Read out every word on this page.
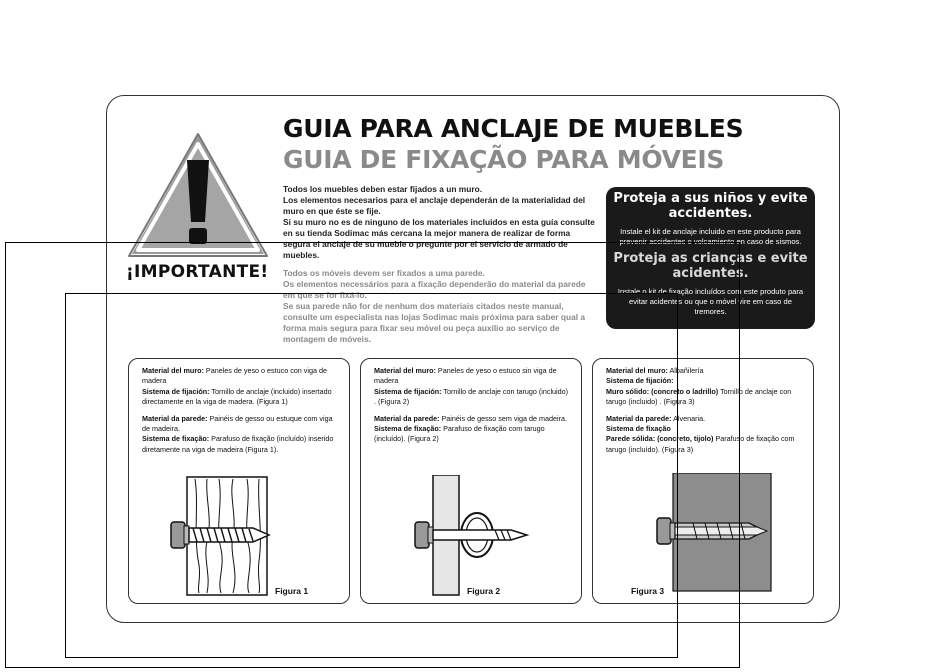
¡IMPORTANTE!
GUIA PARA ANCLAJE DE MUEBLES
GUIA DE FIXAÇÃO PARA MÓVEIS

Todos los muebles deben estar fijados a un muro.

Los elementos necesarios para el anclaje dependerán de la materialidad del muro en que éste se fije.

Si su muro no es de ninguno de los materiales incluidos en esta guía consulte en su tienda Sodimac más cercana la mejor manera de realizar de forma segura el anclaje de su mueble o pregunte por el servicio de armado de muebles.

Todos os móveis devem ser fixados a uma parede.

Os elementos necessários para a fixação dependerão do material da parede em que se for fixá-lo.

Se sua parede não for de nenhum dos materiais citados neste manual, consulte um especialista nas lojas Sodimac mais próxima para saber qual a forma mais segura para fixar seu móvel ou peça auxílio ao serviço de montagem de móveis.

Proteja a sus niños y evite accidentes.

Instale el kit de anclaje incluido en este producto para prevenir accidentes o volcamiento en caso de sismos.

Proteja as crianças e evite acidentes.

Instale o kit de fixação incluídos com este produto para evitar acidentes ou que o móvel vire em caso de tremores.

Material del muro: Paneles de yeso o estuco con viga de madera

Sistema de fijación: Tornillo de anclaje (incluido) insertado directamente en la viga de madera. (Figura 1)

Material da parede: Painéis de gesso ou estuque com viga de madeira.

Sistema de fixação: Parafuso de fixação (incluído) inserido diretamente na viga de madeira (Figura 1).

Figura 1

Material del muro: Paneles de yeso o estuco sin viga de madera

Sistema de fijación: Tornillo de anclaje con tarugo (incluido) . (Figura 2)

Material da parede: Painéis de gesso sem viga de madeira.

Sistema de fixação: Parafuso de fixação com tarugo (incluído). (Figura 2)

Figura 2

Material del muro: Albañilería

Sistema de fijación:

Muro sólido: (concreto o ladrillo) Tornillo de anclaje con tarugo (incluido) . (Figura 3)

Material da parede: Alvenaria.

Sistema de fixação

Parede sólida: (concreto, tijolo) Parafuso de fixação com tarugo (incluído). (Figura 3)

Figura 3
